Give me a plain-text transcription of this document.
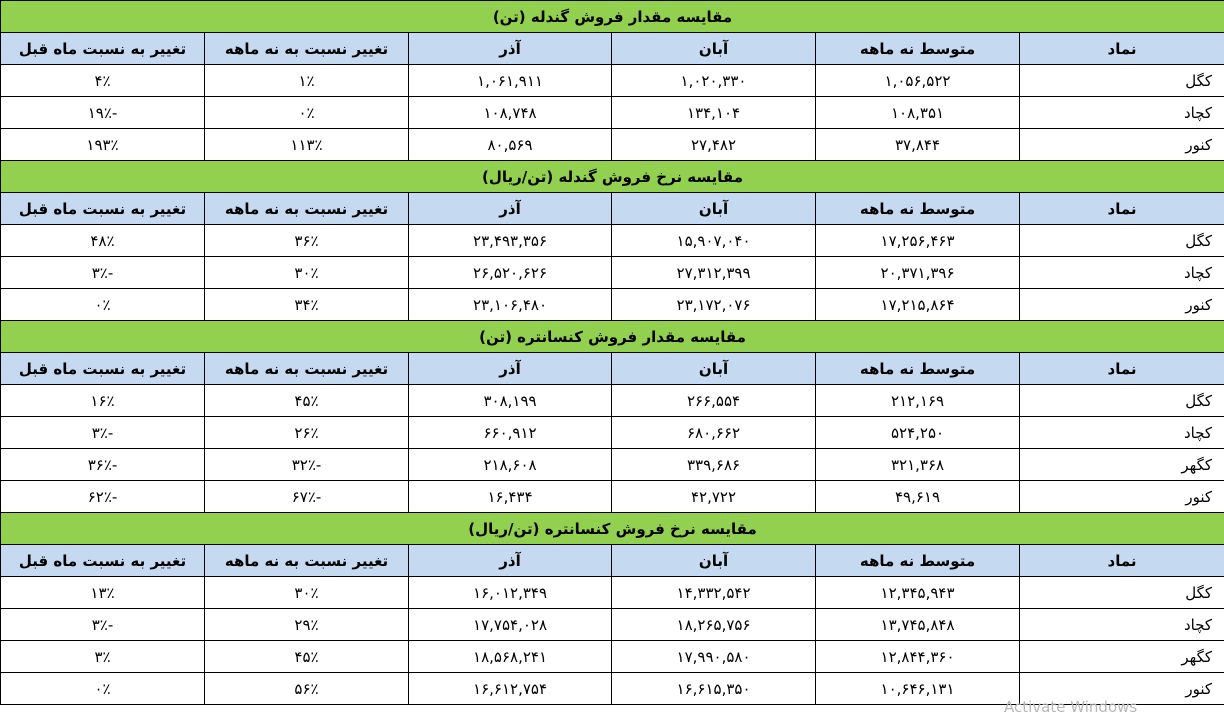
مقایسه مقدار فروش گندله (تن)					
نماد	متوسط نه ماهه	آبان	آذر	تغییر نسبت به نه ماهه	تغییر به نسبت ماه قبل
کگل	۱,۰۵۶,۵۲۲	۱,۰۲۰,۳۳۰	۱,۰۶۱,۹۱۱	۱٪	۴٪
کچاد	۱۰۸,۳۵۱	۱۳۴,۱۰۴	۱۰۸,۷۴۸	۰٪	-۱۹٪
کنور	۳۷,۸۴۴	۲۷,۴۸۲	۸۰,۵۶۹	۱۱۳٪	۱۹۳٪
مقایسه نرخ فروش گندله (تن/ریال)					
نماد	متوسط نه ماهه	آبان	آذر	تغییر نسبت به نه ماهه	تغییر به نسبت ماه قبل
کگل	۱۷,۲۵۶,۴۶۳	۱۵,۹۰۷,۰۴۰	۲۳,۴۹۳,۳۵۶	۳۶٪	۴۸٪
کچاد	۲۰,۳۷۱,۳۹۶	۲۷,۳۱۲,۳۹۹	۲۶,۵۲۰,۶۲۶	۳۰٪	-۳٪
کنور	۱۷,۲۱۵,۸۶۴	۲۳,۱۷۲,۰۷۶	۲۳,۱۰۶,۴۸۰	۳۴٪	۰٪
مقایسه مقدار فروش کنسانتره (تن)					
نماد	متوسط نه ماهه	آبان	آذر	تغییر نسبت به نه ماهه	تغییر به نسبت ماه قبل
کگل	۲۱۲,۱۶۹	۲۶۶,۵۵۴	۳۰۸,۱۹۹	۴۵٪	۱۶٪
کچاد	۵۲۴,۲۵۰	۶۸۰,۶۶۲	۶۶۰,۹۱۲	۲۶٪	-۳٪
کگهر	۳۲۱,۳۶۸	۳۳۹,۶۸۶	۲۱۸,۶۰۸	-۳۲٪	-۳۶٪
کنور	۴۹,۶۱۹	۴۲,۷۲۲	۱۶,۴۳۴	-۶۷٪	-۶۲٪
مقایسه نرخ فروش کنسانتره (تن/ریال)					
نماد	متوسط نه ماهه	آبان	آذر	تغییر نسبت به نه ماهه	تغییر به نسبت ماه قبل
کگل	۱۲,۳۴۵,۹۴۳	۱۴,۳۳۲,۵۴۲	۱۶,۰۱۲,۳۴۹	۳۰٪	۱۳٪
کچاد	۱۳,۷۴۵,۸۴۸	۱۸,۲۶۵,۷۵۶	۱۷,۷۵۴,۰۲۸	۲۹٪	-۳٪
کگهر	۱۲,۸۴۴,۳۶۰	۱۷,۹۹۰,۵۸۰	۱۸,۵۶۸,۲۴۱	۴۵٪	۳٪
کنور	۱۰,۶۴۶,۱۳۱	۱۶,۶۱۵,۳۵۰	۱۶,۶۱۲,۷۵۴	۵۶٪	۰٪
Activate Windows
